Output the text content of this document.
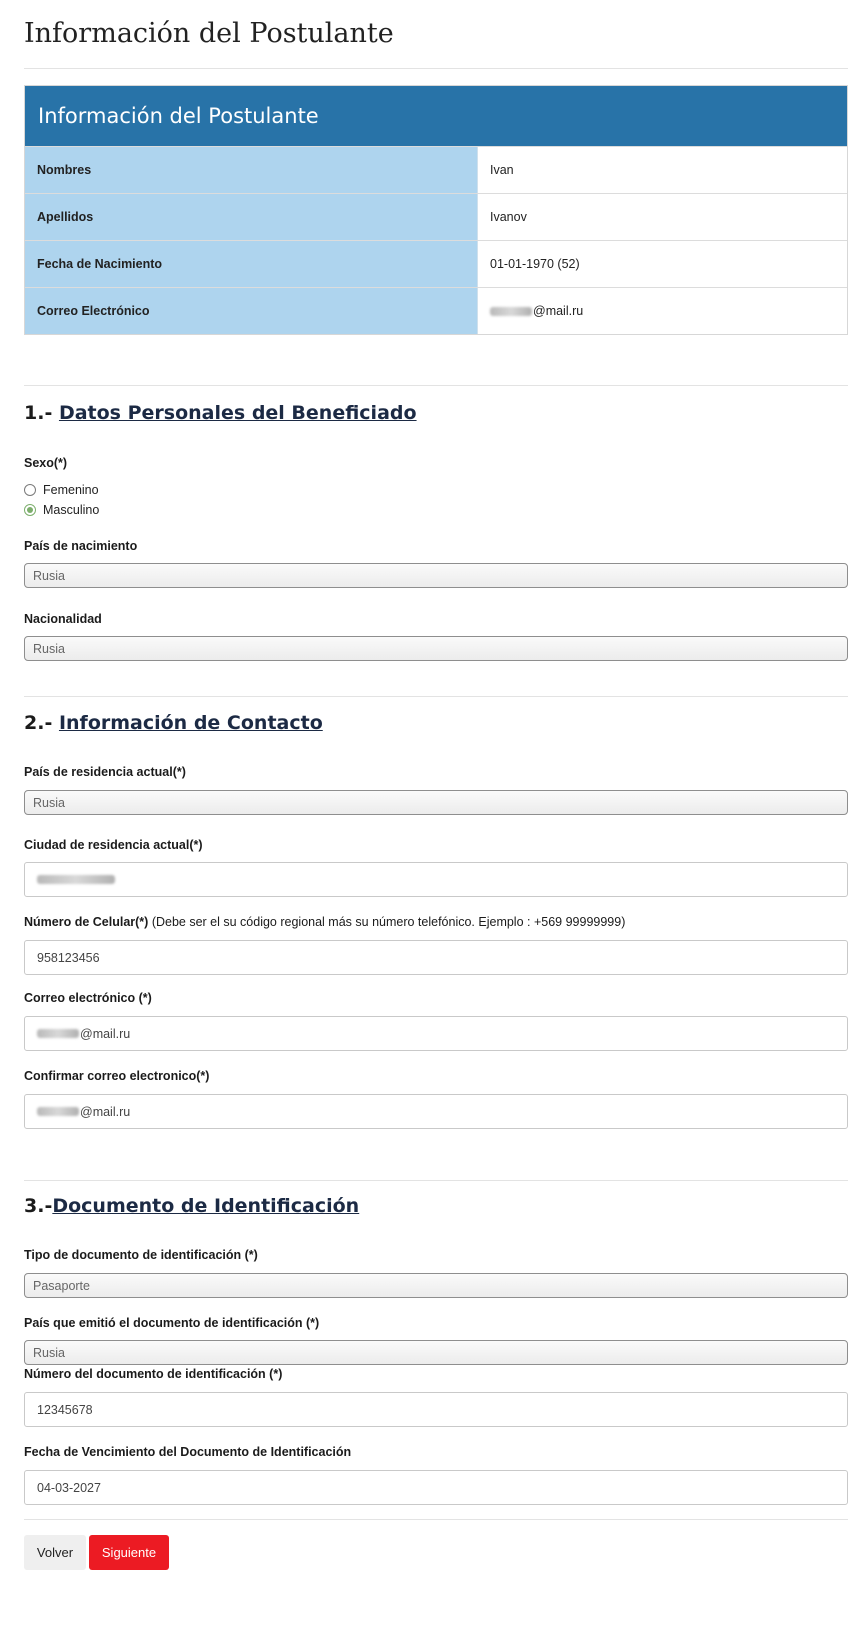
Información del Postulante
Información del Postulante
Nombres	Ivan
Apellidos	Ivanov
Fecha de Nacimiento	01-01-1970 (52)
Correo Electrónico	@mail.ru
1.- Datos Personales del Beneficiado
Sexo(*)
Femenino
Masculino
País de nacimiento
Rusia
Nacionalidad
Rusia
2.- Información de Contacto
País de residencia actual(*)
Rusia
Ciudad de residencia actual(*)
Número de Celular(*) (Debe ser el su código regional más su número telefónico. Ejemplo : +569 99999999)
958123456
Correo electrónico (*)
@mail.ru
Confirmar correo electronico(*)
@mail.ru
3.-Documento de Identificación
Tipo de documento de identificación (*)
Pasaporte
País que emitió el documento de identificación (*)
Rusia
Número del documento de identificación (*)
12345678
Fecha de Vencimiento del Documento de Identificación
04-03-2027
Volver	Siguiente
